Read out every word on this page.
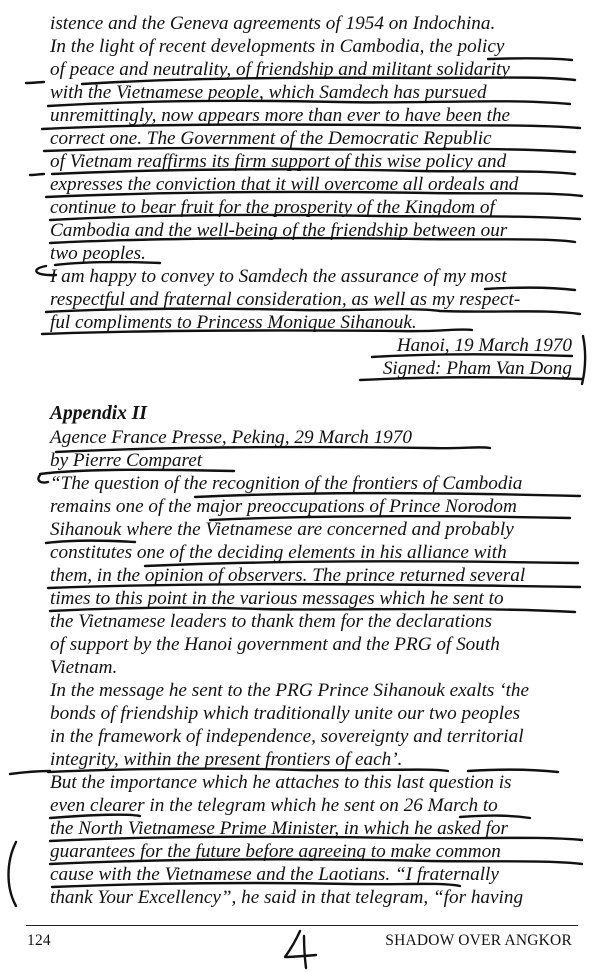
istence and the Geneva agreements of 1954 on Indochina.
In the light of recent developments in Cambodia, the policy
of peace and neutrality, of friendship and militant solidarity
with the Vietnamese people, which Samdech has pursued
unremittingly, now appears more than ever to have been the
correct one. The Government of the Democratic Republic
of Vietnam reaffirms its firm support of this wise policy and
expresses the conviction that it will overcome all ordeals and
continue to bear fruit for the prosperity of the Kingdom of
Cambodia and the well-being of the friendship between our
two peoples.
I am happy to convey to Samdech the assurance of my most
respectful and fraternal consideration, as well as my respect-
ful compliments to Princess Monique Sihanouk.
Hanoi, 19 March 1970
Signed: Pham Van Dong
Appendix II
Agence France Presse, Peking, 29 March 1970
by Pierre Comparet
“The question of the recognition of the frontiers of Cambodia
remains one of the major preoccupations of Prince Norodom
Sihanouk where the Vietnamese are concerned and probably
constitutes one of the deciding elements in his alliance with
them, in the opinion of observers. The prince returned several
times to this point in the various messages which he sent to
the Vietnamese leaders to thank them for the declarations
of support by the Hanoi government and the PRG of South
Vietnam.
In the message he sent to the PRG Prince Sihanouk exalts ‘the
bonds of friendship which traditionally unite our two peoples
in the framework of independence, sovereignty and territorial
integrity, within the present frontiers of each’.
But the importance which he attaches to this last question is
even clearer in the telegram which he sent on 26 March to
the North Vietnamese Prime Minister, in which he asked for
guarantees for the future before agreeing to make common
cause with the Vietnamese and the Laotians. “I fraternally
thank Your Excellency”, he said in that telegram, “for having
124	SHADOW OVER ANGKOR
